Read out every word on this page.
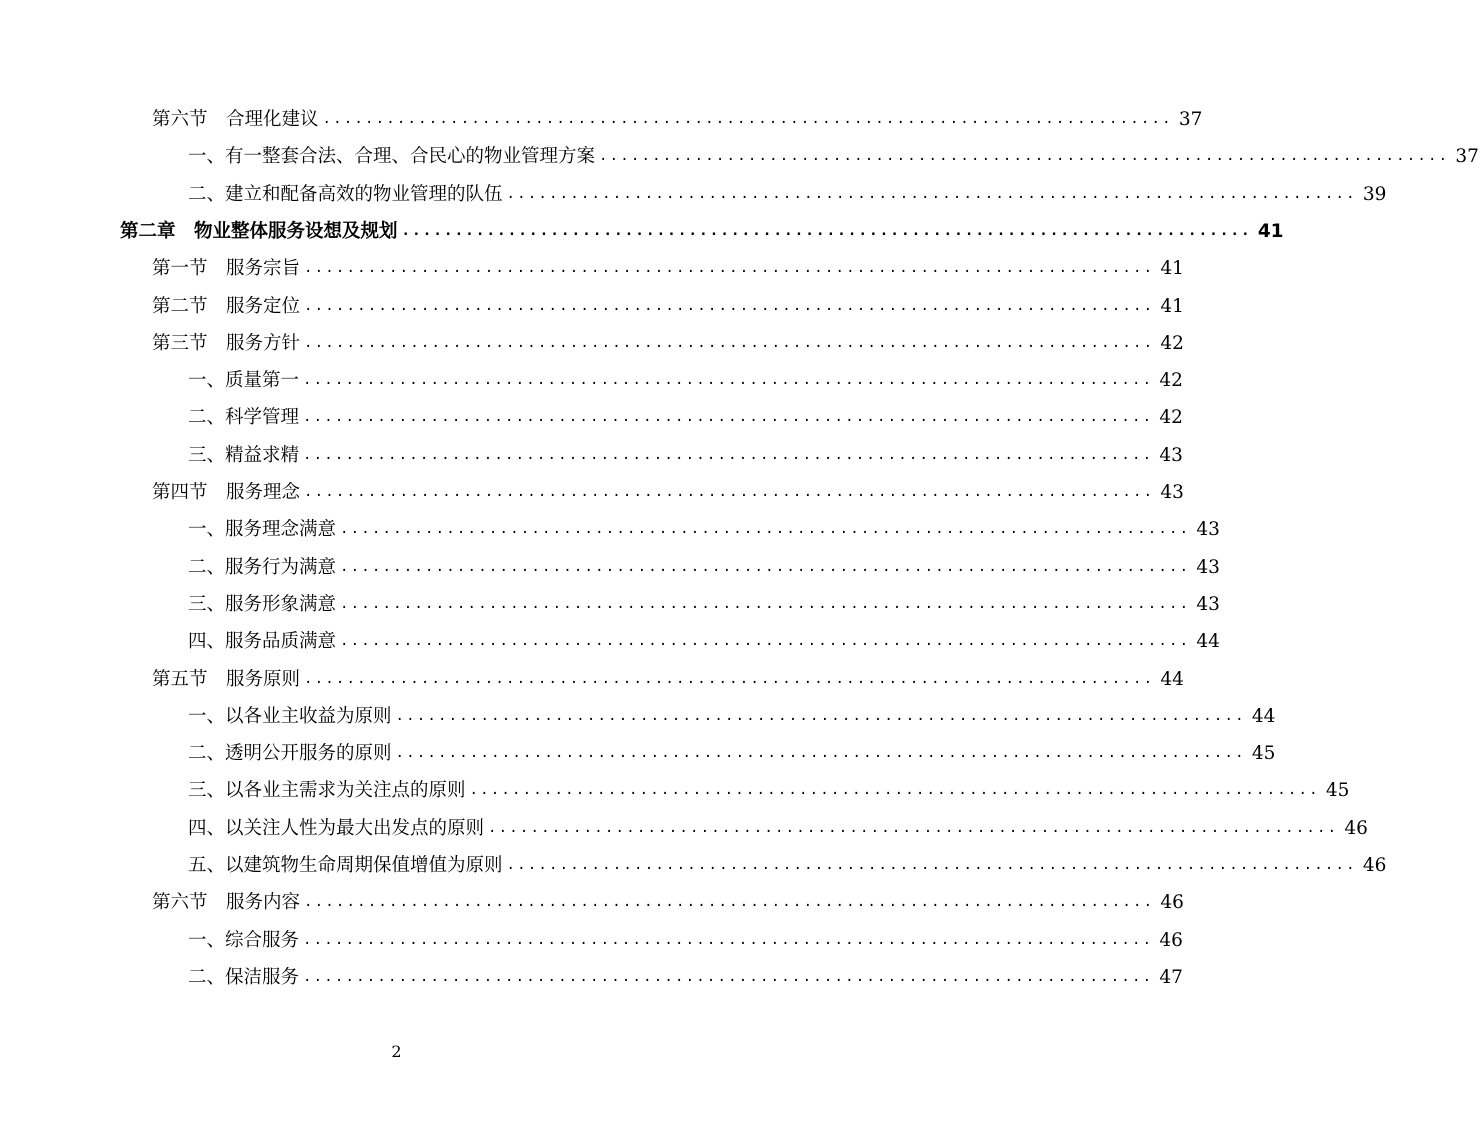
第六节　合理化建议 ................................................................................ 37
一、有一整套合法、合理、合民心的物业管理方案 ................................................................................ 37
二、建立和配备高效的物业管理的队伍 ................................................................................ 39
第二章　物业整体服务设想及规划 ................................................................................ 41
第一节　服务宗旨 ................................................................................ 41
第二节　服务定位 ................................................................................ 41
第三节　服务方针 ................................................................................ 42
一、质量第一 ................................................................................ 42
二、科学管理 ................................................................................ 42
三、精益求精 ................................................................................ 43
第四节　服务理念 ................................................................................ 43
一、服务理念满意 ................................................................................ 43
二、服务行为满意 ................................................................................ 43
三、服务形象满意 ................................................................................ 43
四、服务品质满意 ................................................................................ 44
第五节　服务原则 ................................................................................ 44
一、以各业主收益为原则 ................................................................................ 44
二、透明公开服务的原则 ................................................................................ 45
三、以各业主需求为关注点的原则 ................................................................................ 45
四、以关注人性为最大出发点的原则 ................................................................................ 46
五、以建筑物生命周期保值增值为原则 ................................................................................ 46
第六节　服务内容 ................................................................................ 46
一、综合服务 ................................................................................ 46
二、保洁服务 ................................................................................ 47
2
